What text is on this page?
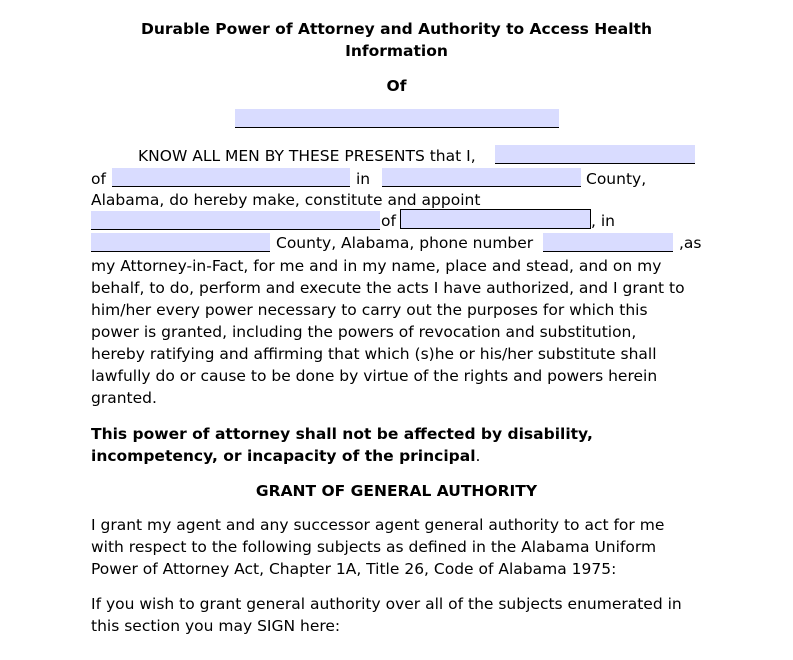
Durable Power of Attorney and Authority to Access Health
Information
Of
KNOW ALL MEN BY THESE PRESENTS that I,
of	in	County,
Alabama, do hereby make, constitute and appoint
of	, in
County, Alabama, phone number	,as
my Attorney-in-Fact, for me and in my name, place and stead, and on my
behalf, to do, perform and execute the acts I have authorized, and I grant to
him/her every power necessary to carry out the purposes for which this
power is granted, including the powers of revocation and substitution,
hereby ratifying and affirming that which (s)he or his/her substitute shall
lawfully do or cause to be done by virtue of the rights and powers herein
granted.
This power of attorney shall not be affected by disability,
incompetency, or incapacity of the principal.
GRANT OF GENERAL AUTHORITY
I grant my agent and any successor agent general authority to act for me
with respect to the following subjects as defined in the Alabama Uniform
Power of Attorney Act, Chapter 1A, Title 26, Code of Alabama 1975:
If you wish to grant general authority over all of the subjects enumerated in
this section you may SIGN here:
